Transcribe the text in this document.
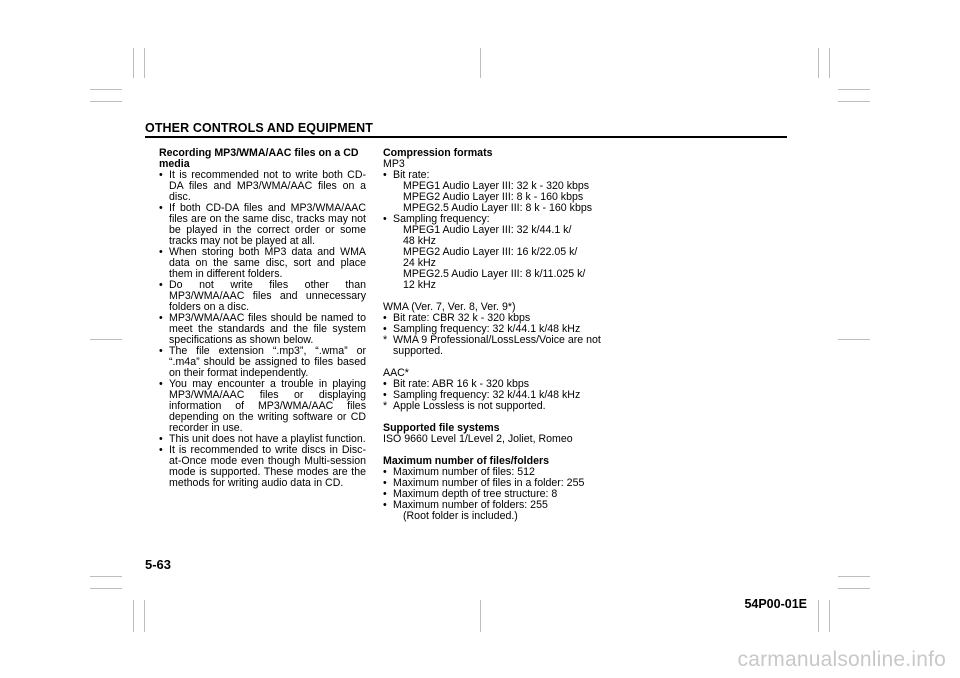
OTHER CONTROLS AND EQUIPMENT
Recording MP3/WMA/AAC files on a CD media
• It is recommended not to write both CD-DA files and MP3/WMA/AAC files on a disc.
• If both CD-DA files and MP3/WMA/AAC files are on the same disc, tracks may not be played in the correct order or some tracks may not be played at all.
• When storing both MP3 data and WMA data on the same disc, sort and place them in different folders.
• Do not write files other than MP3/WMA/AAC files and unnecessary folders on a disc.
• MP3/WMA/AAC files should be named to meet the standards and the file system specifications as shown below.
• The file extension “.mp3”, “.wma” or “.m4a” should be assigned to files based on their format independently.
• You may encounter a trouble in playing MP3/WMA/AAC files or displaying information of MP3/WMA/AAC files depending on the writing software or CD recorder in use.
• This unit does not have a playlist function.
• It is recommended to write discs in Disc-at-Once mode even though Multi-session mode is supported. These modes are the methods for writing audio data in CD.
Compression formats
MP3
• Bit rate:
MPEG1 Audio Layer III: 32 k - 320 kbps
MPEG2 Audio Layer III: 8 k - 160 kbps
MPEG2.5 Audio Layer III: 8 k - 160 kbps
• Sampling frequency:
MPEG1 Audio Layer III: 32 k/44.1 k/
48 kHz
MPEG2 Audio Layer III: 16 k/22.05 k/
24 kHz
MPEG2.5 Audio Layer III: 8 k/11.025 k/
12 kHz
WMA (Ver. 7, Ver. 8, Ver. 9*)
• Bit rate: CBR 32 k - 320 kbps
• Sampling frequency: 32 k/44.1 k/48 kHz
* WMA 9 Professional/LossLess/Voice are not supported.
AAC*
• Bit rate: ABR 16 k - 320 kbps
• Sampling frequency: 32 k/44.1 k/48 kHz
* Apple Lossless is not supported.
Supported file systems
ISO 9660 Level 1/Level 2, Joliet, Romeo
Maximum number of files/folders
• Maximum number of files: 512
• Maximum number of files in a folder: 255
• Maximum depth of tree structure: 8
• Maximum number of folders: 255
(Root folder is included.)
5-63
54P00-01E
carmanualsonline.info
